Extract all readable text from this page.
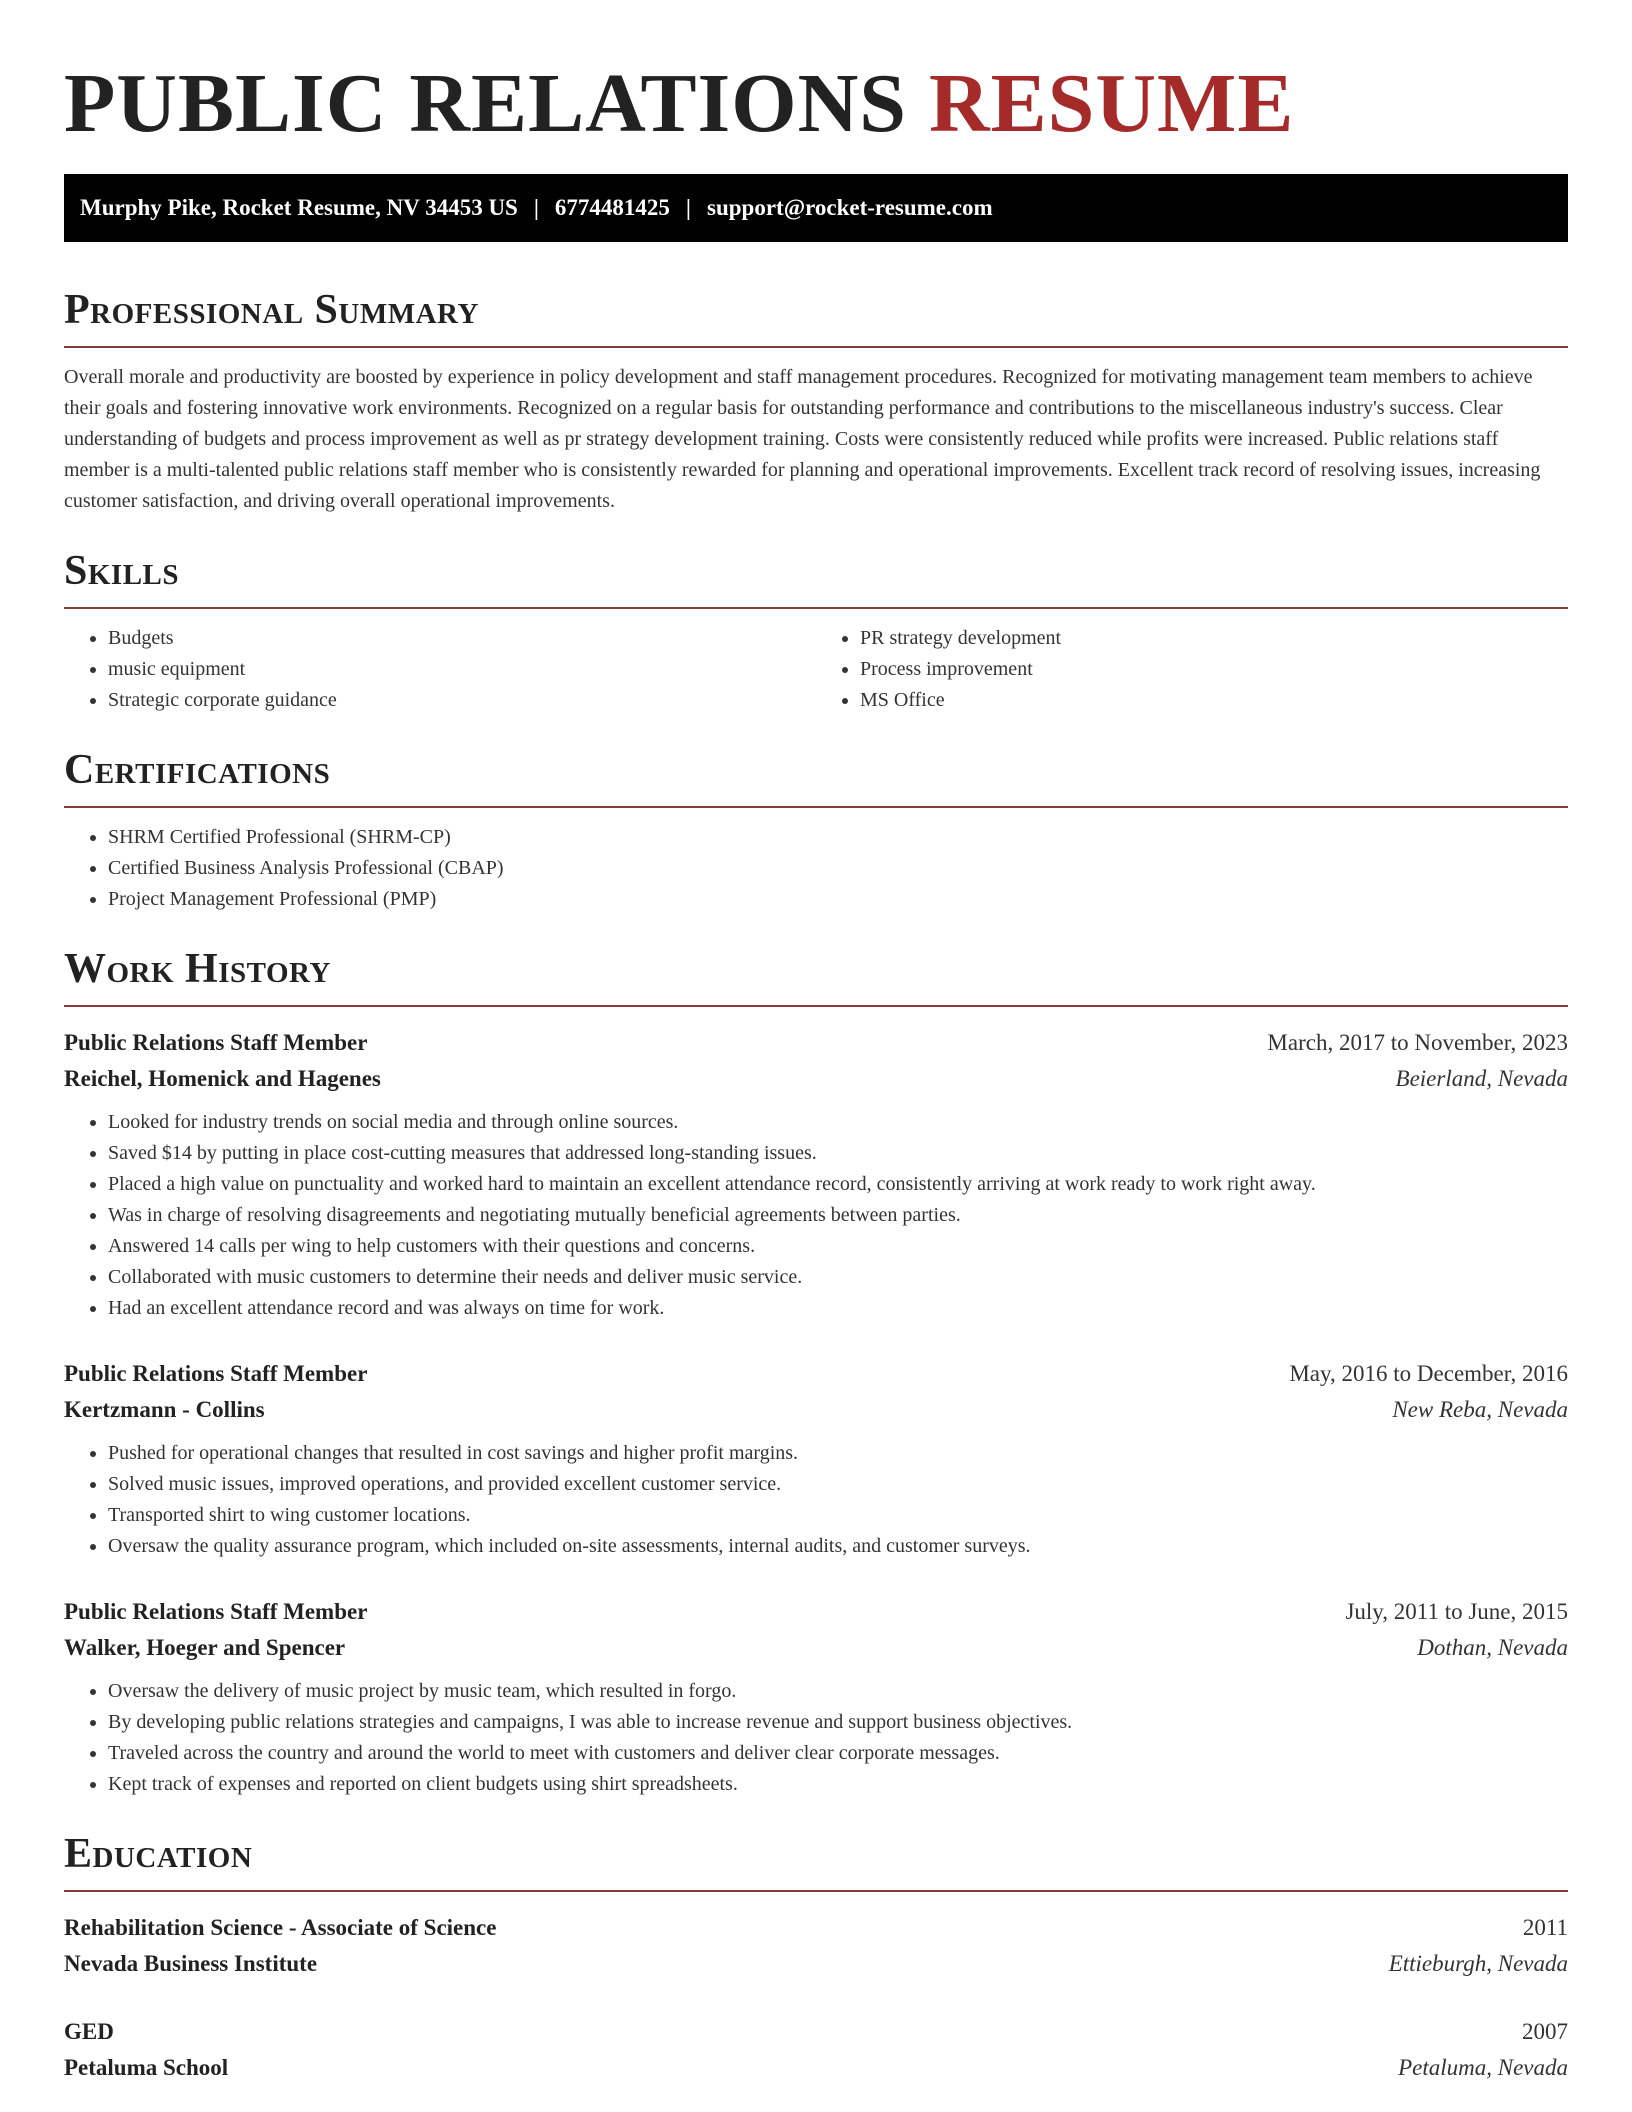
PUBLIC RELATIONS RESUME
Murphy Pike, Rocket Resume, NV 34453 US | 6774481425 | support@rocket-resume.com
Professional Summary

Overall morale and productivity are boosted by experience in policy development and staff management procedures. Recognized for motivating management team members to achieve their goals and fostering innovative work environments. Recognized on a regular basis for outstanding performance and contributions to the miscellaneous industry's success. Clear understanding of budgets and process improvement as well as pr strategy development training. Costs were consistently reduced while profits were increased. Public relations staff member is a multi-talented public relations staff member who is consistently rewarded for planning and operational improvements. Excellent track record of resolving issues, increasing customer satisfaction, and driving overall operational improvements.

Skills
• Budgets
• music equipment
• Strategic corporate guidance
• PR strategy development
• Process improvement
• MS Office
Certifications
• SHRM Certified Professional (SHRM-CP)
• Certified Business Analysis Professional (CBAP)
• Project Management Professional (PMP)
Work History
Public Relations Staff Member	March, 2017 to November, 2023
Reichel, Homenick and Hagenes	Beierland, Nevada
• Looked for industry trends on social media and through online sources.
• Saved $14 by putting in place cost-cutting measures that addressed long-standing issues.
• Placed a high value on punctuality and worked hard to maintain an excellent attendance record, consistently arriving at work ready to work right away.
• Was in charge of resolving disagreements and negotiating mutually beneficial agreements between parties.
• Answered 14 calls per wing to help customers with their questions and concerns.
• Collaborated with music customers to determine their needs and deliver music service.
• Had an excellent attendance record and was always on time for work.
Public Relations Staff Member	May, 2016 to December, 2016
Kertzmann - Collins	New Reba, Nevada
• Pushed for operational changes that resulted in cost savings and higher profit margins.
• Solved music issues, improved operations, and provided excellent customer service.
• Transported shirt to wing customer locations.
• Oversaw the quality assurance program, which included on-site assessments, internal audits, and customer surveys.
Public Relations Staff Member	July, 2011 to June, 2015
Walker, Hoeger and Spencer	Dothan, Nevada
• Oversaw the delivery of music project by music team, which resulted in forgo.
• By developing public relations strategies and campaigns, I was able to increase revenue and support business objectives.
• Traveled across the country and around the world to meet with customers and deliver clear corporate messages.
• Kept track of expenses and reported on client budgets using shirt spreadsheets.
Education
Rehabilitation Science - Associate of Science	2011
Nevada Business Institute	Ettieburgh, Nevada
GED	2007
Petaluma School	Petaluma, Nevada
